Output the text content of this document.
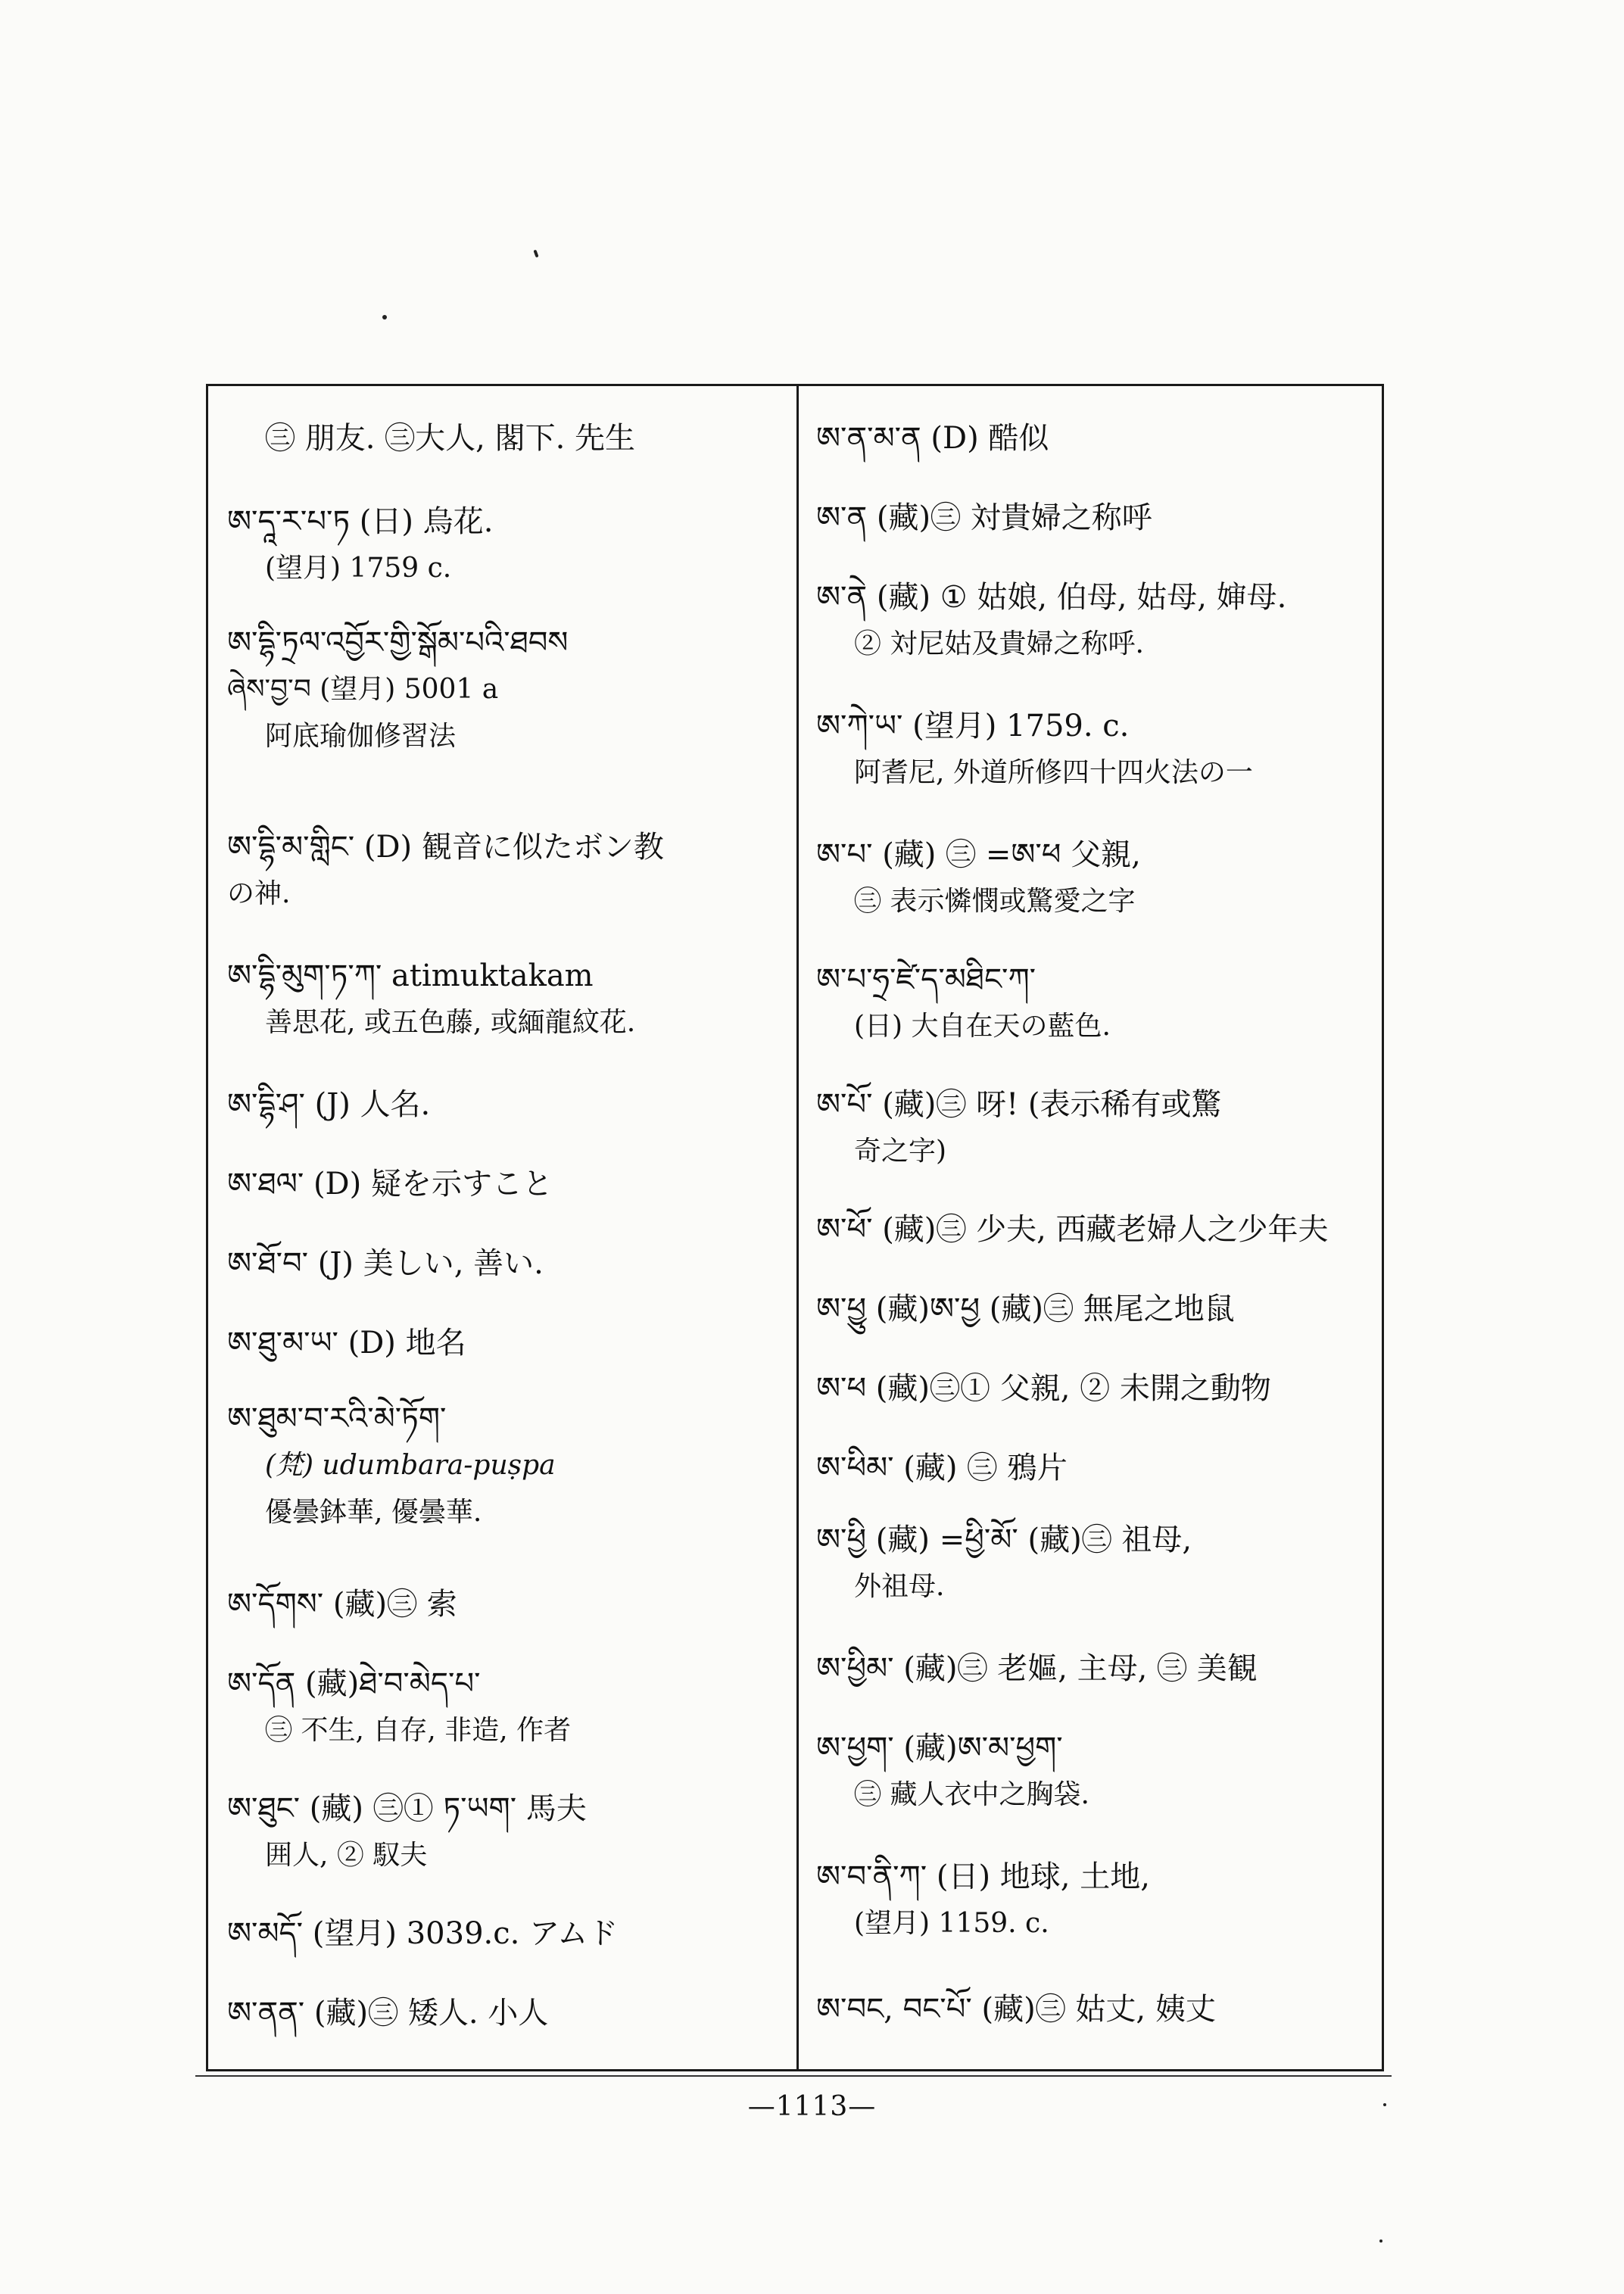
㊂ 朋友. ㊂大人, 閣下. 先生
ཨ་དཱ་ར་པ་ཏ (日) 烏花.
(望月) 1759 c.
ཨ་དྷི་ཏྲལ་འབྱོར་གྱི་སྒོམ་པའི་ཐབས
ཞེས་བྱ་བ (望月) 5001 a
阿底瑜伽修習法
ཨ་དྷི་མ་གླིང་ (D) 観音に似たボン教
の神.
ཨ་དྷི་མུག་ཏ་ཀ་ atimuktakam
善思花, 或五色藤, 或緬龍紋花.
ཨ་དྷི་ཤ་ (J) 人名.
ཨ་ཐལ་ (D) 疑を示すこと
ཨ་ཐོ་བ་ (J) 美しい, 善い.
ཨ་ཐུ་མ་ཡ་ (D) 地名
ཨ་ཐུམ་བ་རའི་མེ་ཏོག་
(梵) udumbara-puṣpa
優曇鉢華, 優曇華.
ཨ་དོགས་ (藏)㊂ 索
ཨ་དོན (藏)ཐེ་བ་མེད་པ་
㊂ 不生, 自存, 非造, 作者
ཨ་ཐུང་ (藏) ㊂① ཏ་ཡག་ 馬夫
囲人, ② 馭夫
ཨ་མདོ་ (望月) 3039.c. アムド
ཨ་ནན་ (藏)㊂ 矮人. 小人
ཨ་ན་མ་ན (D) 酷似
ཨ་ན (藏)㊂ 対貴婦之称呼
ཨ་ནེ (藏) ① 姑娘, 伯母, 姑母, 婶母.
② 対尼姑及貴婦之称呼.
ཨ་ཀེ་ཡ་ (望月) 1759. c.
阿耆尼, 外道所修四十四火法の一
ཨ་པ་ (藏) ㊂ =ཨ་ཕ 父親,
㊂ 表示憐憫或驚愛之字
ཨ་པ་ཧྲ་ཛེ་ད་མཐིང་ཀ་
(日) 大自在天の藍色.
ཨ་པོ་ (藏)㊂ 呀! (表示稀有或驚
奇之字)
ཨ་ཕོ་ (藏)㊂ 少夫, 西藏老婦人之少年夫
ཨ་ཕྱུ (藏)ཨ་ཕྱ (藏)㊂ 無尾之地鼠
ཨ་ཕ (藏)㊂① 父親, ② 未開之動物
ཨ་ཕིམ་ (藏) ㊂ 鴉片
ཨ་ཕྱི (藏) =ཕྱི་མོ་ (藏)㊂ 祖母,
外祖母.
ཨ་ཕྱིམ་ (藏)㊂ 老嫗, 主母, ㊂ 美観
ཨ་ཕྱག་ (藏)ཨ་མ་ཕྱག་
㊂ 藏人衣中之胸袋.
ཨ་བ་ནི་ཀ་ (日) 地球, 土地,
(望月) 1159. c.
ཨ་བང, བང་པོ་ (藏)㊂ 姑丈, 姨丈
—1113—
